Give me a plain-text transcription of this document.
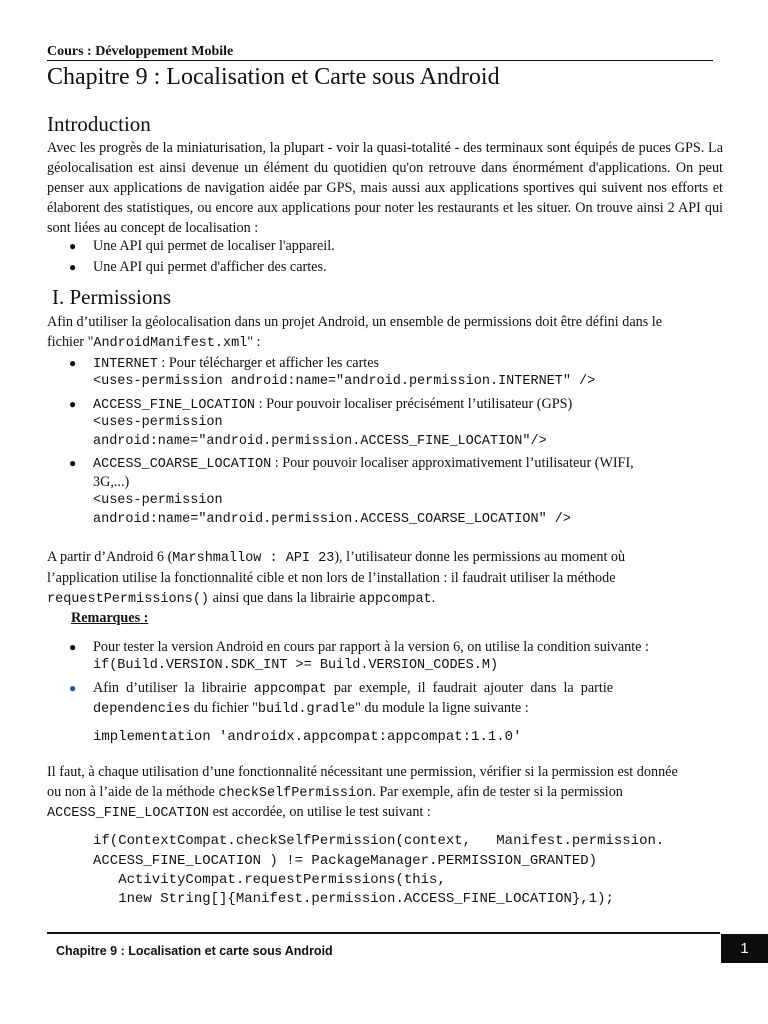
Cours : Développement Mobile
Chapitre 9 : Localisation et Carte sous Android
Introduction
Avec les progrès de la miniaturisation, la plupart - voir la quasi-totalité - des terminaux sont équipés de puces GPS. La géolocalisation est ainsi devenue un élément du quotidien qu'on retrouve dans énormément d'applications. On peut penser aux applications de navigation aidée par GPS, mais aussi aux applications sportives qui suivent nos efforts et élaborent des statistiques, ou encore aux applications pour noter les restaurants et les situer. On trouve ainsi 2 API qui sont liées au concept de localisation :
● Une API qui permet de localiser l'appareil.
● Une API qui permet d'afficher des cartes.
I. Permissions
Afin d’utiliser la géolocalisation dans un projet Android, un ensemble de permissions doit être défini dans le
fichier "AndroidManifest.xml" :
● INTERNET : Pour télécharger et afficher les cartes
<uses-permission android:name="android.permission.INTERNET" />
● ACCESS_FINE_LOCATION : Pour pouvoir localiser précisément l’utilisateur (GPS)
<uses-permission
android:name="android.permission.ACCESS_FINE_LOCATION"/>
● ACCESS_COARSE_LOCATION : Pour pouvoir localiser approximativement l’utilisateur (WIFI,
3G,...)
<uses-permission
android:name="android.permission.ACCESS_COARSE_LOCATION" />
A partir d’Android 6 (Marshmallow : API 23), l’utilisateur donne les permissions au moment où
l’application utilise la fonctionnalité cible et non lors de l’installation : il faudrait utiliser la méthode
requestPermissions() ainsi que dans la librairie appcompat.
Remarques :
● Pour tester la version Android en cours par rapport à la version 6, on utilise la condition suivante :
if(Build.VERSION.SDK_INT >= Build.VERSION_CODES.M)
● Afin  d’utiliser  la  librairie  appcompat  par  exemple,  il  faudrait  ajouter  dans  la  partie
dependencies du fichier "build.gradle" du module la ligne suivante :
implementation 'androidx.appcompat:appcompat:1.1.0'
Il faut, à chaque utilisation d’une fonctionnalité nécessitant une permission, vérifier si la permission est donnée
ou non à l’aide de la méthode checkSelfPermission. Par exemple, afin de tester si la permission
ACCESS_FINE_LOCATION est accordée, on utilise le test suivant :
if(ContextCompat.checkSelfPermission(context,   Manifest.permission.
ACCESS_FINE_LOCATION ) != PackageManager.PERMISSION_GRANTED)
ActivityCompat.requestPermissions(this,
1new String[]{Manifest.permission.ACCESS_FINE_LOCATION},1);
Chapitre 9 : Localisation et carte sous Android	1
